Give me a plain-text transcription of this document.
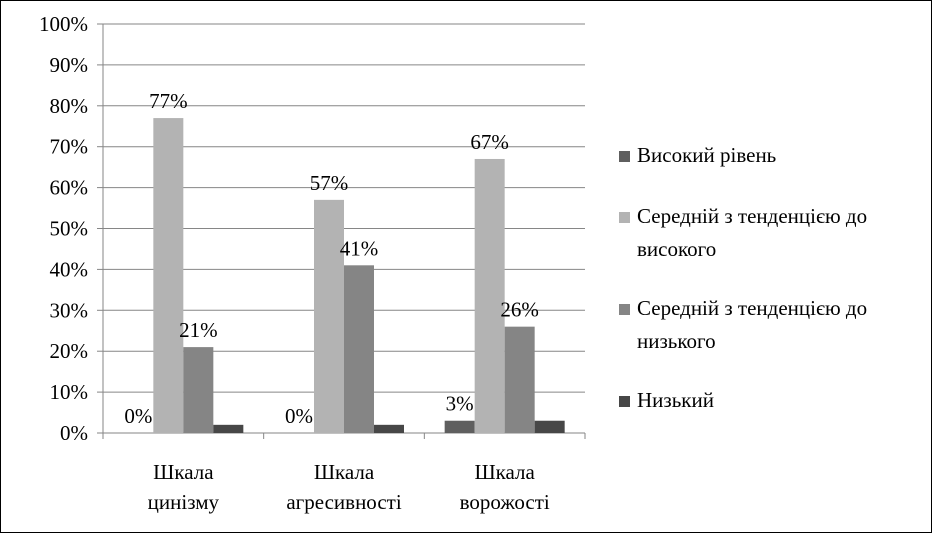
0%
10%
20%
30%
40%
50%
60%
70%
80%
90%
100%
Шкала цинізму
Шкала агресивності
Шкала ворожості
0%
77%
21%
0%
57%
41%
3%
67%
26%
Високий рівень
Середній з тенденцією до
високого
Середній з тенденцією до
низького
Низький
